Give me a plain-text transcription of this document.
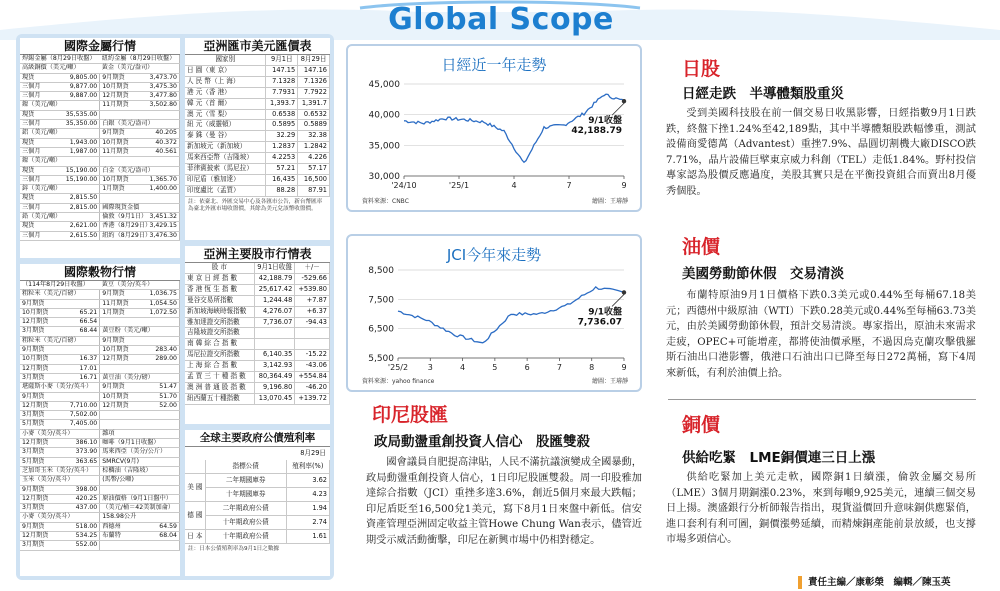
Global Scope
國際金屬行情
焊錫金屬（8月29日收盤）		紐約金屬（8月29日收盤）	
高級銅價（美元/噸）		黃金（美元/盎司）	
現貨	9,805.00	9月期貨	3,473.70
三個月	9,877.00	10月期貨	3,475.30
三個月	9,887.00	12月期貨	3,477.80
鎳（美元/噸）		11月期貨	3,502.80
現貨	35,535.00		
三個月	35,350.00	白銀（美元/盎司）	
鋁（美元/噸）		9月期貨	40.205
現貨	1,943.00	10月期貨	40.372
三個月	1,987.00	11月期貨	40.561
鎳（美元/噸）			
現貨	15,190.00	白金（美元/盎司）	
三個月	15,190.00	10月期貨	1,365.70
鋅（美元/噸）		1月期貨	1,400.00
現貨	2,815.50		
三個月	2,815.00	國際現貨金價	
鉛（美元/噸）		倫敦（9月1日）	3,451.32
現貨	2,621.00	香港（8月29日）	3,429.15
三個月	2,615.50	紐約（8月29日）	3,476.30
國際穀物行情
（114年8月29日收盤）		黃豆（美分/英斗）	
粗粒米（美元/百磅）		9月期貨	1,036.75
9月期貨		11月期貨	1,054.50
10月期貨	65.21	1月期貨	1,072.50
12月期貨	66.54		
3月期貨	68.44	黃豆粉（美元/噸）	
粗粒米（美元/百磅）		9月期貨	
9月期貨		10月期貨	283.40
10月期貨	16.37	12月期貨	289.00
12月期貨	17.01		
3月期貨	16.71	黃豆油（美分/磅）	
堪薩斯小麥（美分/英斗）		9月期貨	51.47
9月期貨		10月期貨	51.70
12月期貨	7,710.00	12月期貨	52.00
3月期貨	7,502.00		
5月期貨	7,405.00		
小麥（美分/英斗）		雜項	
12月期貨	386.10	咖啡（9月1日收盤）	
3月期貨	373.90	馬來西亞（美分/公斤）	
5月期貨	363.65	SMRCV(9月)	
芝加哥玉米（美分/英斗）		棕櫚油（吉隆坡）	
玉米（美分/英斗）		(馬幣/公噸)	
9月期貨	398.00		
12月期貨	420.25	原油價格（9月1日盤中）	
3月期貨	437.00	（美元/桶＝42美制加侖）	
小麥（美分/英斗）		158.98公升	
9月期貨	518.00	西德州	64.59
12月期貨	534.25	布蘭特	68.04
3月期貨	552.00		
亞洲匯市美元匯價表
國家別	9月1日	8月29日
日 圓（東 京）	147.15	147.16
人 民 幣（上 海）	7.1328	7.1326
港 元（香 港）	7.7931	7.7922
韓 元（首 爾）	1,393.7	1,391.7
澳 元（雪 梨）	0.6538	0.6532
紐 元（威靈頓）	0.5895	0.5889
泰 銖（曼 谷）	32.29	32.38
新加坡元（新加坡）	1.2837	1.2842
馬來西亞幣（吉隆坡）	4.2253	4.226
菲律賓披索（馬尼拉）	57.21	57.17
印尼盾（雅加達）	16,435	16,500
印度盧比（孟買）	88.28	87.91
註：依臺北、外匯交易中心及各匯市公告，新台幣匯率為臺北外匯市場收盤價，其餘為美元兌該幣收盤價。
亞洲主要股市行情表
股 市	9月1日收盤	＋/－
東 京 日 經 指 數	42,188.79	-529.66
香 港 恆 生 指 數	25,617.42	+539.80
曼谷交易所指數	1,244.48	+7.87
新加坡海峽時報指數	4,276.07	+6.37
雅加達證交所指數	7,736.07	-94.43
吉隆坡證交所指數		
南 韓 綜 合 指 數		
馬尼拉證交所指數	6,140.35	-15.22
上 海 綜 合 指 數	3,142.93	-43.06
孟 買 三 十 種 指 數	80,364.49	+554.84
澳 洲 普 通 股 指 數	9,196.80	-46.20
紐西蘭五十種指數	13,070.45	+139.72
全球主要政府公債殖利率
8月29日
	指標公債	殖利率(%)
美 國	二年期國庫券	3.62
	十年期國庫券	4.23
德 國	二年期政府公債	1.94
	十年期政府公債	2.74
日 本	十年期政府公債	1.61
註：日本公債殖利率為9月1日之數據
日經近一年走勢
30,000
35,000
40,000
45,000
'24/10	'25/1	4	7	9
9/1收盤
42,188.79
資料來源：CNBC	繪圖：王璿靜
JCI今年來走勢
5,500
6,500
7,500
8,500
'25/2 3	4	5	6	7	8	9
9/1收盤
7,736.07
資料來源：yahoo finance	繪圖：王璿靜
印尼股匯
政局動盪重創投資人信心　股匯雙殺
國會議員自肥提高津貼，人民不滿抗議演變成全國暴動，政局動盪重創投資人信心，1日印尼股匯雙殺。周一印股雅加達綜合指數（JCI）重挫多達3.6%，創近5個月來最大跌幅；印尼盾貶至16,500兌1美元，寫下8月1日來盤中新低。信安資產管理亞洲固定收益主管Howe Chung Wan表示，儘管近期受示威活動衝擊，印尼在新興市場中仍相對穩定。
日股
日經走跌　半導體類股重災
受到美國科技股在前一個交易日收黑影響，日經指數9月1日跌跌，終盤下挫1.24%至42,189點，其中半導體類股跌幅慘重，測試設備商愛德萬（Advantest）重挫7.9%、晶圓切割機大廠DISCO跌7.71%，晶片設備巨擘東京威力科創（TEL）走低1.84%。野村投信專家認為股價反應過度，美股其實只是在平衡投資組合而賣出8月優秀個股。
油價
美國勞動節休假　交易清淡
布蘭特原油9月1日價格下跌0.3美元或0.44%至每桶67.18美元；西德州中級原油（WTI）下跌0.28美元或0.44%至每桶63.73美元，由於美國勞動節休假，預計交易清淡。專家指出，原油未來需求走疲，OPEC+可能增產，都將使油價承壓，不過因烏克蘭攻擊俄羅斯石油出口港影響，俄港口石油出口已降至每日272萬桶，寫下4周來新低，有利於油價上拾。
銅價
供給吃緊　LME銅價連三日上漲
供給吃緊加上美元走軟，國際銅1日續漲，倫敦金屬交易所（LME）3個月期銅漲0.23%，來到每噸9,925美元，連續三個交易日上揚。澳盛銀行分析師報告指出，現貨溢價回升意味銅供應緊俏，進口套利有利可圖，銅價漲勢延續，而精煉銅產能前景放緩，也支撐市場多頭信心。
責任主編／康彰榮　編輯／陳玉英
